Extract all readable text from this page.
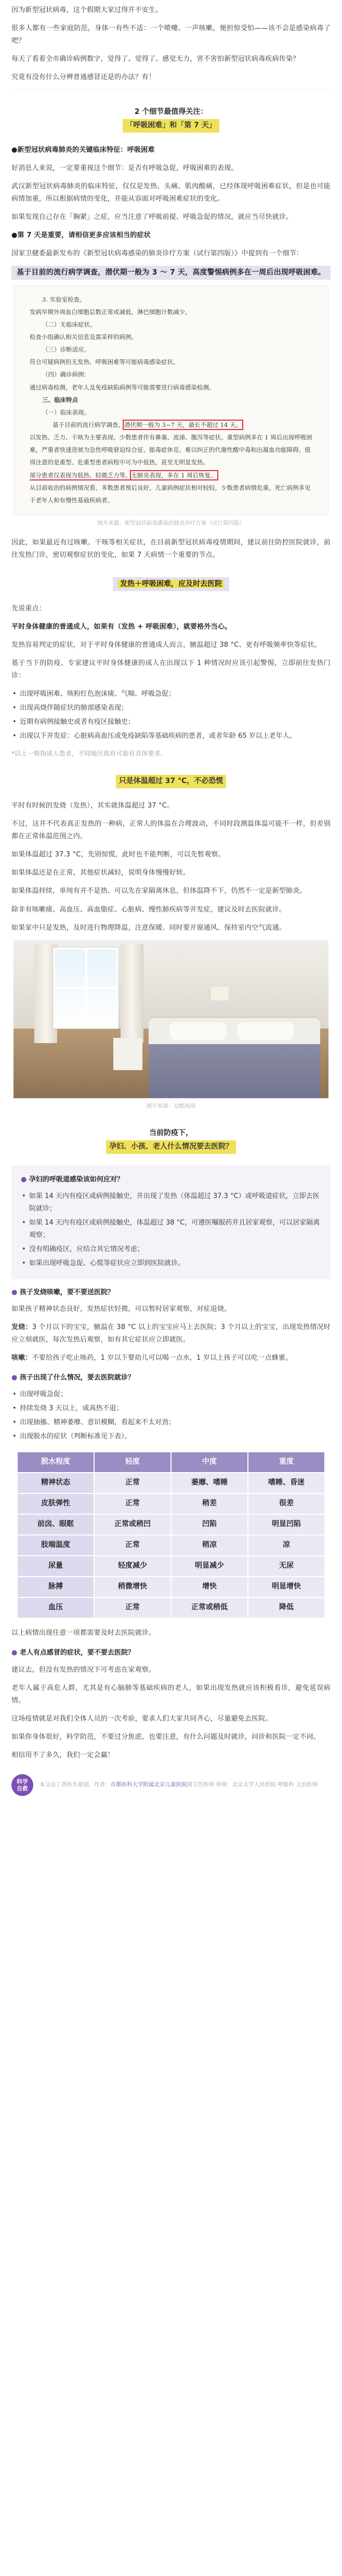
因为新型冠状病毒，这个假期大家过得并不安生。

很多人都有一些家庭防范，身体一有些不适：一个喷嚏、一声咳嗽，便担惊受怕——该不会是感染病毒了吧？

每天了看着全市确诊病例数字，觉得了、觉得了、感觉无力，害不害怕新型冠状病毒疾病传染？

究竟有没有什么分辨普通感冒还是的办法？有！

2 个细节最值得关注：
「呼吸困难」和「第 7 天」

●新型冠状病毒肺炎的关键临床特征：呼吸困难

好消息人来说，一定要重视这个细节：是否有呼吸急促，呼吸困难的表现。

武汉新型冠状病毒肺炎的临床特征，仅仅是发热、头痛、肌肉酸痛，已经体现呼吸困难症状，但是也可能病情加重，所以根据病情的变化，并能从容面对呼吸困难症状的变化。

如果发现自己存在「胸紧」之症，应当注意了呼吸前提、呼吸急促的情况，就应当尽快就诊。

●第 7 天是重要，请相信更多应该相当的症状

国家卫健委最新发布的《新型冠状病毒感染的肺炎诊疗方案（试行第四版）》中提到有一个细节：

基于目前的流行病学调查，潜伏期一般为 3 ～ 7 天，高度警惕病例多在一周后出现呼吸困难。

3. 实验室检查。
发病早期外周血白细胞总数正常或减低，淋巴细胞计数减少。
（二）无临床症状。
检查小组确认相关信息及需采样的病例。
（三）诊断适应。
符合可疑病例但无发热、呼吸困难等可能病毒感染症状。
（四）确诊病例：
通过病毒检测，老年人及免疫缺陷病例等可能需要进行病毒感染检测。
三、临床特点
（一）临床表现。
基于目前的流行病学调查，潜伏期一般为 3~7 天，最长不超过 14 天。
以发热、乏力、干咳为主要表现。少数患者伴有鼻塞、流涕、腹泻等症状。重型病例多在 1 周后出现呼吸困难，严重者快速进展为急性呼吸窘迫综合征、脓毒症休克、难以纠正的代谢性酸中毒和出凝血功能障碍。值得注意的是重型、危重型患者病程中可为中低热，甚至无明显发热。
部分患者仅表现为低热、轻微乏力等，无肺炎表现，多在 1 周后恢复。
从目前收治的病例情况看，多数患者预后良好，儿童病例症状相对较轻，少数患者病情危重。死亡病例多见于老年人和有慢性基础疾病者。
图片来源：新型冠状病毒感染的肺炎诊疗方案（试行第四版）

因此，如果最近有过咳嗽、干咳等相关症状，在目前新型冠状病毒疫情期间，建议前往防控医院就诊，前往发热门诊，密切观察症状的变化，如果 7 天病情一个重要的节点。

发热＋呼吸困难，应及时去医院

先说重点：

平时身体健康的普通成人，如果有（发热 + 呼吸困难），就要格外当心。

发热容易判定的症状，对于平时身体健康的普通成人而言，腋温超过 38 °C、更有呼吸频率快等症状。

基于当下的防疫、专家建议平时身体健康的成人在出现以下 1 种情况时应该引起警惕，立即前往发热门诊：

• 出现呼吸困难、咳粉红色泡沫痰、气喘、呼吸急促；
• 出现高烧伴随症状的肺部感染表现；
• 近期有病例接触史或者有疫区接触史；
• 出现以下并发症：心脏病高血压或免疫缺陷等基础疾病的患者，或者年龄 65 岁以上老年人。

*以上一般指成人患者，不同地区政府可能有具体要求。

只是体温超过 37 °C，不必恐慌

平时有时候的发烧（发热），其实就体温超过 37 °C。

不过，这并不代表真正发热的一种病，正常人的体温在合理波动，不同时段测温体温可能不一样，但差别都在正常体温范围之内。

如果体温超过 37.3 °C，先别惊慌，此时也不能判断，可以先暂观察。

如果体温还是在正常，其他症状减轻，说明身体慢慢好转。

如果体温持续，单纯有并不是热、可以先在家隔离休息，但体温降不下，仍然不一定是新型肺炎。

除非有咳嗽痰、高血压、高血脂症、心脏病、慢性肺疾病等并发症，建议及时去医院就诊。

如果家中只是发热，及时进行物理降温，注意保暖、同时要开窗通风、保持室内空气流通。

图片来源：站酷海洛
当前防疫下，
孕妇、小孩、老人什么情况要去医院？
● 孕妇的呼吸道感染该如何应对？
• 如果 14 天内有疫区或病例接触史，并出现了发热（体温超过 37.3 °C）或呼吸道症状，立即去医院就诊；
• 如果 14 天内有疫区或病例接触史，体温超过 38 °C，可遵医嘱服药并且居家观察，可以居家隔离观察；
• 没有明确疫区，应结合其它情况考虑；
• 如果出现呼吸急促、心慌等症状应立即到医院就诊。
● 孩子发烧咳嗽，要不要送医院？

如果孩子精神状态良好，发热症状轻微，可以暂时居家观察，对症退烧。

发烧：3 个月以下的宝宝，腋温在 38 °C 以上的宝宝应马上去医院；3 个月以上的宝宝，出现发热情况时应立刻就医，每次发热后观察，如有其它症状应立即就医。

咳嗽：不要给孩子吃止咳药，1 岁以下婴幼儿可以喝一点水，1 岁以上孩子可以吃一点蜂蜜。

● 孩子出现了什么情况，要去医院就诊？
• 出现呼吸急促；
• 持续发烧 3 天以上，或高热不退；
• 出现抽搐、精神萎靡、意识模糊，看起来不太对劲；
• 出现脱水的症状（判断标准见下表）。
脱水程度	轻度	中度	重度
精神状态	正常	萎靡、嗜睡	嗜睡、昏迷
皮肤弹性	正常	稍差	很差
前囟、眼眶	正常或稍凹	凹陷	明显凹陷
肢端温度	正常	稍凉	凉
尿量	轻度减少	明显减少	无尿
脉搏	稍微增快	增快	明显增快
血压	正常	正常或稍低	降低

以上病情出现任意一项都需要及时去医院就诊。

● 老人有点感冒的症状，要不要去医院？

建议去。但没有发热的情况下可考虑在家观察。

老年人属于高危人群，尤其是有心脑肺等基础疾病的老人，如果出现发热就应该积极看诊，避免延误病情。

这场疫情就是对我们全体人员的一次考验，要求人们大家共同齐心，尽量避免去医院。

如果你身体很好，科学防范，不要过分焦虑，也要注意，有什么问题及时就诊，问诊和医院一定不同。

相信用不了多久，我们一定会赢！

科学
自救
本文由丁香医生原创，作者：首都医科大学附属北京儿童医院副主任医师 审核：北京大学人民医院 呼吸科 主治医师
